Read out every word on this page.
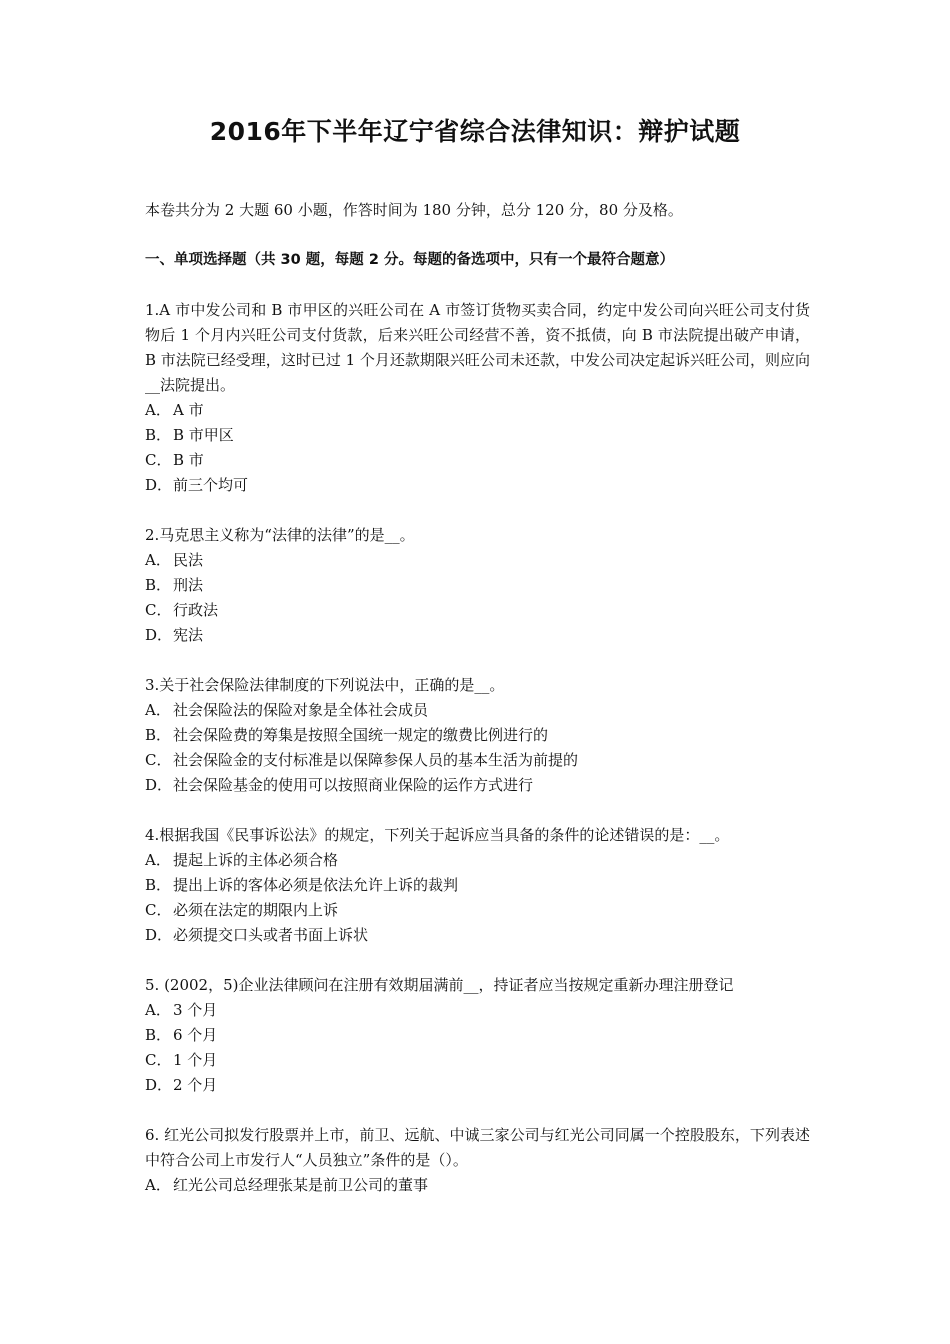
2016年下半年辽宁省综合法律知识：辩护试题

本卷共分为 2 大题 60 小题，作答时间为 180 分钟，总分 120 分，80 分及格。

一、单项选择题（共 30 题，每题 2 分。每题的备选项中，只有一个最符合题意）

1.A 市中发公司和 B 市甲区的兴旺公司在 A 市签订货物买卖合同，约定中发公司向兴旺公司支付货物后 1 个月内兴旺公司支付货款，后来兴旺公司经营不善，资不抵债，向 B 市法院提出破产申请，B 市法院已经受理，这时已过 1 个月还款期限兴旺公司未还款，中发公司决定起诉兴旺公司，则应向__法院提出。

A． A 市

B． B 市甲区

C． B 市

D．前三个均可

2.马克思主义称为“法律的法律”的是__。

A． 民法

B． 刑法

C． 行政法

D．宪法

3.关于社会保险法律制度的下列说法中，正确的是__。

A． 社会保险法的保险对象是全体社会成员

B． 社会保险费的筹集是按照全国统一规定的缴费比例进行的

C． 社会保险金的支付标准是以保障参保人员的基本生活为前提的

D．社会保险基金的使用可以按照商业保险的运作方式进行

4.根据我国《民事诉讼法》的规定，下列关于起诉应当具备的条件的论述错误的是：__。

A． 提起上诉的主体必须合格

B． 提出上诉的客体必须是依法允许上诉的裁判

C． 必须在法定的期限内上诉

D．必须提交口头或者书面上诉状

5. (2002，5)企业法律顾问在注册有效期届满前__，持证者应当按规定重新办理注册登记

A． 3 个月

B． 6 个月

C． 1 个月

D．2 个月

6. 红光公司拟发行股票并上市，前卫、远航、中诚三家公司与红光公司同属一个控股股东，下列表述中符合公司上市发行人“人员独立”条件的是（）。

A． 红光公司总经理张某是前卫公司的董事
